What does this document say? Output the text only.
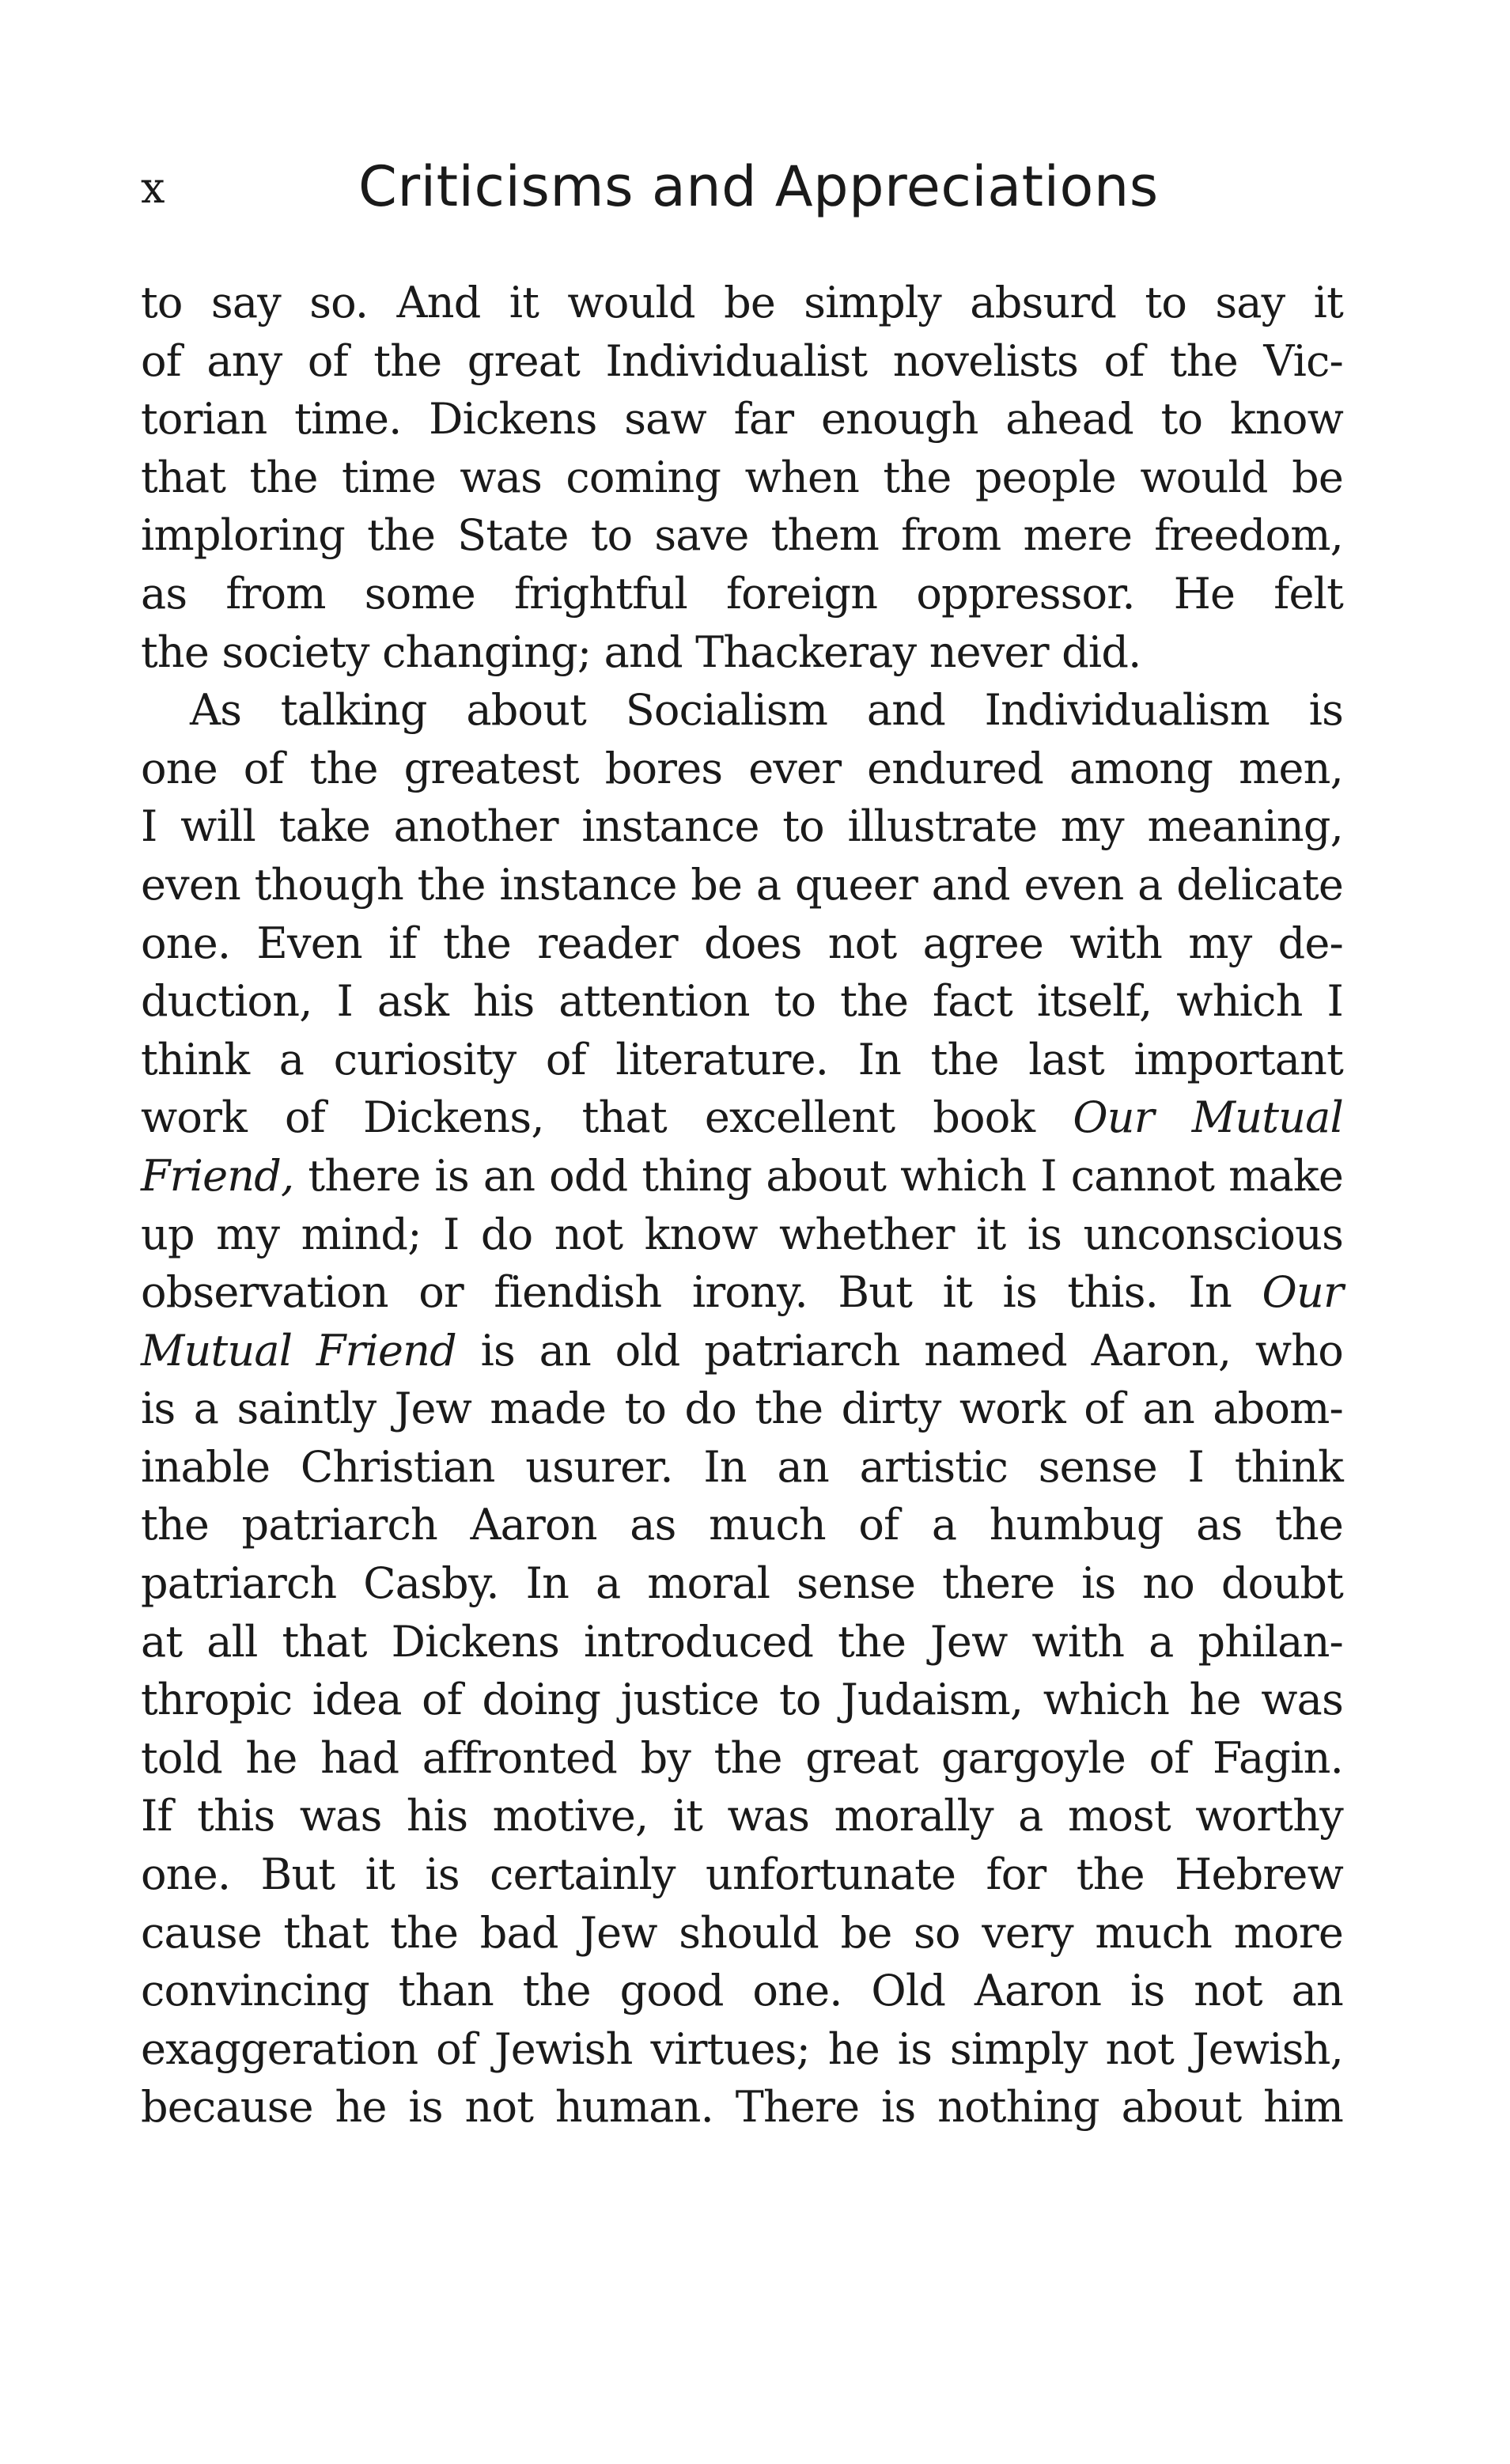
x	Criticisms and Appreciations
to say so. And it would be simply absurd to say it
of any of the great Individualist novelists of the Vic-
torian time. Dickens saw far enough ahead to know
that the time was coming when the people would be
imploring the State to save them from mere freedom,
as from some frightful foreign oppressor. He felt
the society changing; and Thackeray never did.
As talking about Socialism and Individualism is
one of the greatest bores ever endured among men,
I will take another instance to illustrate my meaning,
even though the instance be a queer and even a delicate
one. Even if the reader does not agree with my de-
duction, I ask his attention to the fact itself, which I
think a curiosity of literature. In the last important
work of Dickens, that excellent book Our Mutual
Friend, there is an odd thing about which I cannot make
up my mind; I do not know whether it is unconscious
observation or fiendish irony. But it is this. In Our
Mutual Friend is an old patriarch named Aaron, who
is a saintly Jew made to do the dirty work of an abom-
inable Christian usurer. In an artistic sense I think
the patriarch Aaron as much of a humbug as the
patriarch Casby. In a moral sense there is no doubt
at all that Dickens introduced the Jew with a philan-
thropic idea of doing justice to Judaism, which he was
told he had affronted by the great gargoyle of Fagin.
If this was his motive, it was morally a most worthy
one. But it is certainly unfortunate for the Hebrew
cause that the bad Jew should be so very much more
convincing than the good one. Old Aaron is not an
exaggeration of Jewish virtues; he is simply not Jewish,
because he is not human. There is nothing about him
